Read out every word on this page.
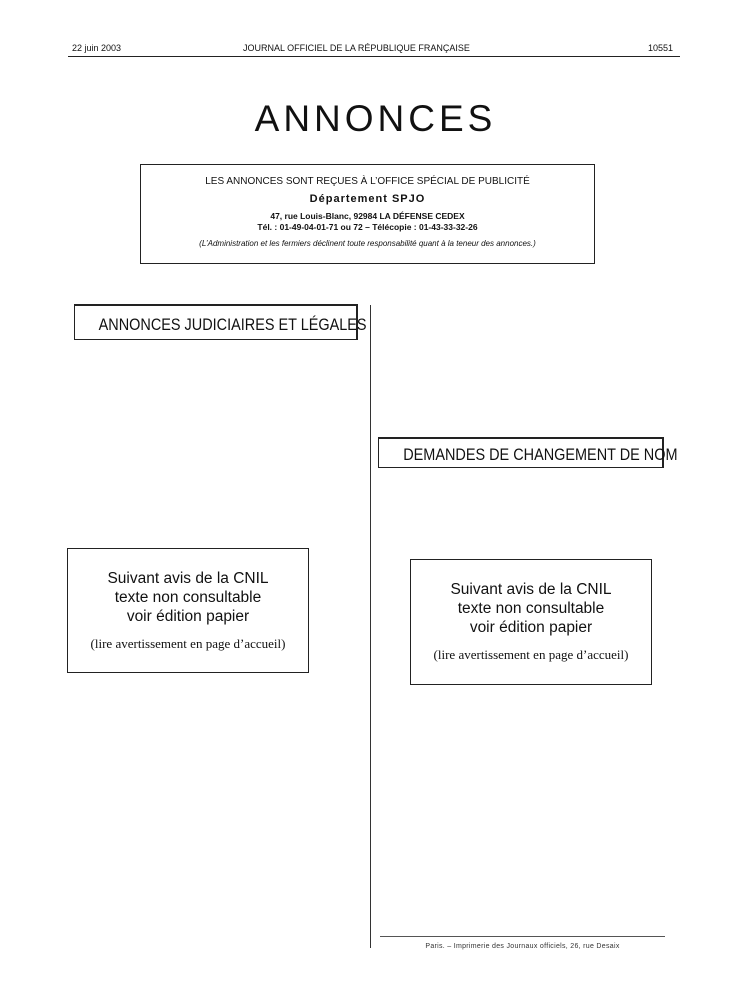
22 juin 2003	JOURNAL OFFICIEL DE LA RÉPUBLIQUE FRANÇAISE	10551
ANNONCES
LES ANNONCES SONT REÇUES À L’OFFICE SPÉCIAL DE PUBLICITÉ
Département SPJO
47, rue Louis-Blanc, 92984 LA DÉFENSE CEDEX
Tél. : 01-49-04-01-71 ou 72 – Télécopie : 01-43-33-32-26
(L’Administration et les fermiers déclinent toute responsabilité quant à la teneur des annonces.)
ANNONCES JUDICIAIRES ET LÉGALES
DEMANDES DE CHANGEMENT DE NOM
Suivant avis de la CNIL
texte non consultable
voir édition papier
(lire avertissement en page d’accueil)
Suivant avis de la CNIL
texte non consultable
voir édition papier
(lire avertissement en page d’accueil)
Paris. – Imprimerie des Journaux officiels, 26, rue Desaix
